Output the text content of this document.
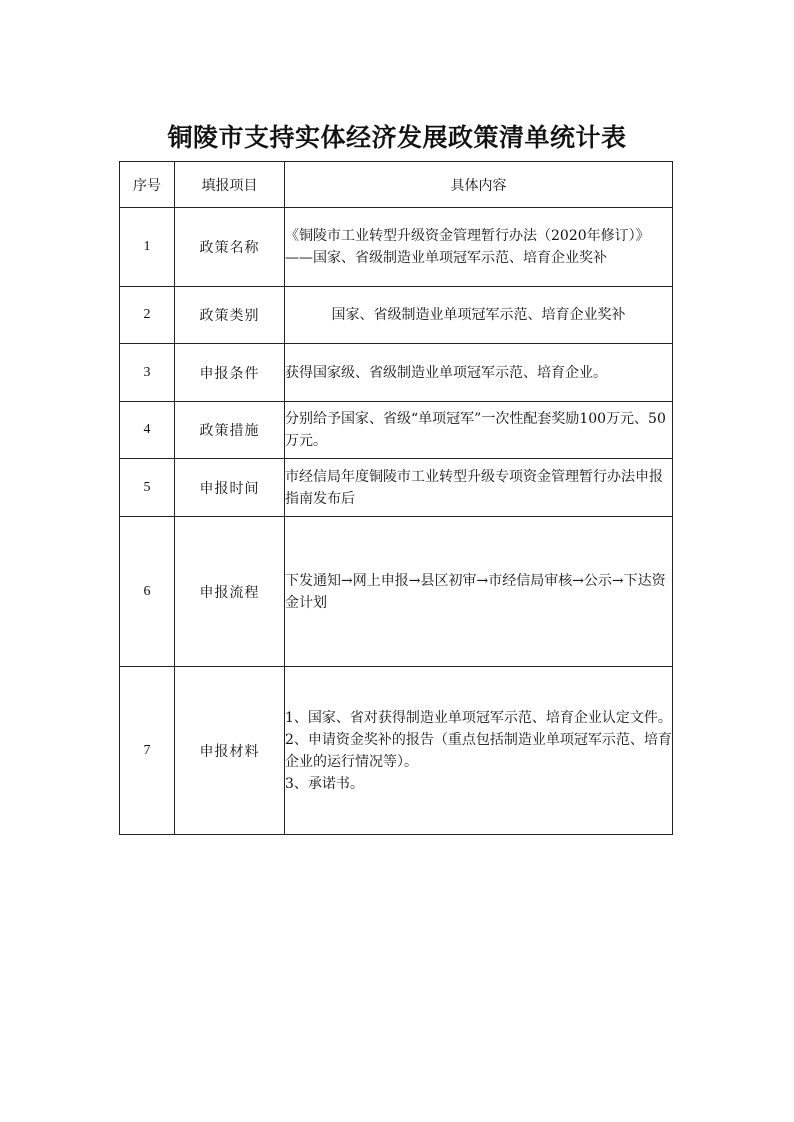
铜陵市支持实体经济发展政策清单统计表
序号	填报项目	具体内容
1	政策名称	《铜陵市工业转型升级资金管理暂行办法（2020年修订）》——国家、省级制造业单项冠军示范、培育企业奖补
2	政策类别	国家、省级制造业单项冠军示范、培育企业奖补
3	申报条件	获得国家级、省级制造业单项冠军示范、培育企业。
4	政策措施	分别给予国家、省级“单项冠军”一次性配套奖励100万元、50万元。
5	申报时间	市经信局年度铜陵市工业转型升级专项资金管理暂行办法申报指南发布后
6	申报流程	下发通知→网上申报→县区初审→市经信局审核→公示→下达资金计划
7	申报材料	1、国家、省对获得制造业单项冠军示范、培育企业认定文件。
2、申请资金奖补的报告（重点包括制造业单项冠军示范、培育企业的运行情况等）。
3、承诺书。
